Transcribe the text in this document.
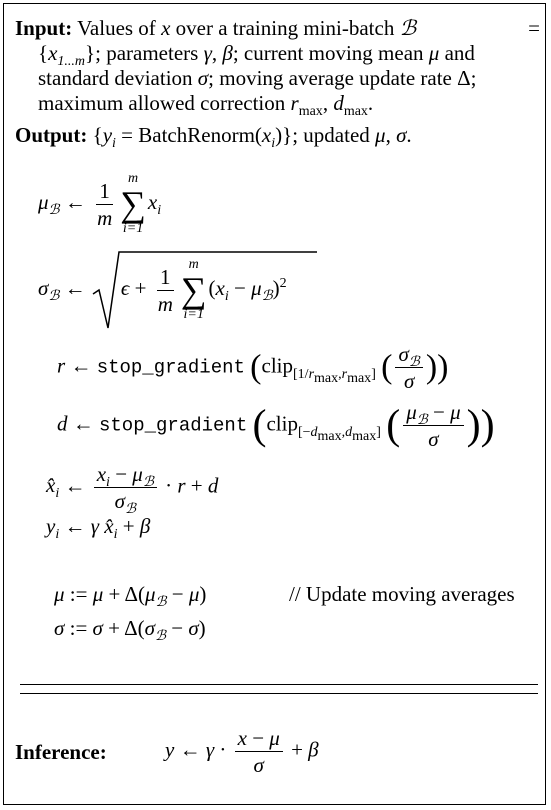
Input: Values of x over a training mini-batch ℬ	=
$\{x_{1...m}\}$; parameters γ, β; current moving mean μ and
standard deviation σ; moving average update rate Δ;
maximum allowed correction $r_{max}$, $d_{max}$.
Output: {$y_i$ = $BatchRenorm(x_i)$}; updated μ, σ.
$\mu_ℬ$ ← $\frac{1}{m}$ m
∑
i=1
$x_i$
$\sigma_ℬ$ ←
$\epsilon + \frac{1}{m}$ m
∑
i=1
$(x_i - \mu_ℬ)^2$
r ← stop_gradient (clip$_{[1/r_{max},r_{max}]}$ ( $\frac{\sigma_ℬ}{\sigma}$ ))
d ← stop_gradient (clip$_{[-d_{max},d_{max}]}$ ( $\frac{\mu_ℬ - \mu}{\sigma}$ ))
$x̂_i$ ← $\frac{x_i - \mu_ℬ}{\sigma_ℬ} \cdot r + d$
$y_i$ ← γ $x̂_i + \beta$
μ := $\mu + \Delta(\mu_ℬ - \mu)$	// Update moving averages
σ := $\sigma + \Delta(\sigma_ℬ - \sigma)$
Inference:	y ← $\gamma \cdot \frac{x - \mu}{\sigma} + \beta$
